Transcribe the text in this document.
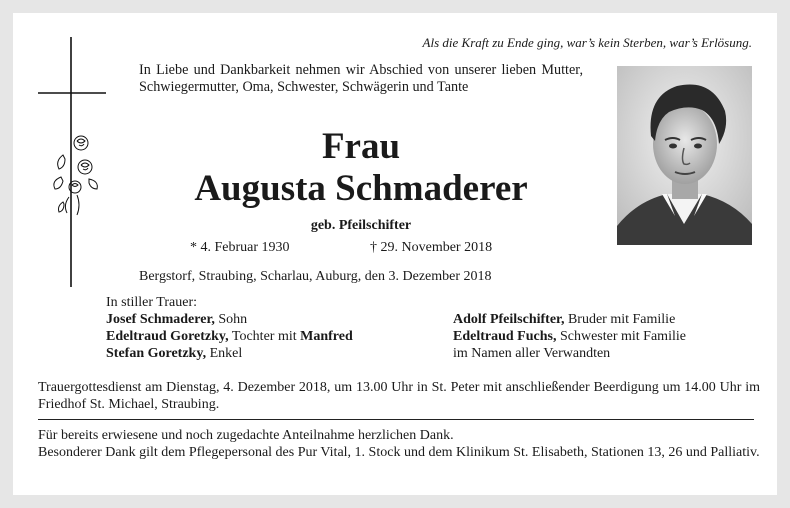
Als die Kraft zu Ende ging, war’s kein Sterben, war’s Erlösung.
In Liebe und Dankbarkeit nehmen wir Abschied von unserer lieben Mutter, Schwiegermutter, Oma, Schwester, Schwägerin und Tante
Frau
Augusta Schmaderer
geb. Pfeilschifter
* 4. Februar 1930	† 29. November 2018
Bergstorf, Straubing, Scharlau, Auburg, den 3. Dezember 2018
In stiller Trauer:
Josef Schmaderer, Sohn
Edeltraud Goretzky, Tochter mit Manfred
Stefan Goretzky, Enkel
Adolf Pfeilschifter, Bruder mit Familie
Edeltraud Fuchs, Schwester mit Familie
im Namen aller Verwandten
Trauergottesdienst am Dienstag, 4. Dezember 2018, um 13.00 Uhr in St. Peter mit anschließender Beerdigung um 14.00 Uhr im Friedhof St. Michael, Straubing.
Für bereits erwiesene und noch zugedachte Anteilnahme herzlichen Dank.
Besonderer Dank gilt dem Pflegepersonal des Pur Vital, 1. Stock und dem Klinikum St. Elisabeth, Stationen 13, 26 und Palliativ.
